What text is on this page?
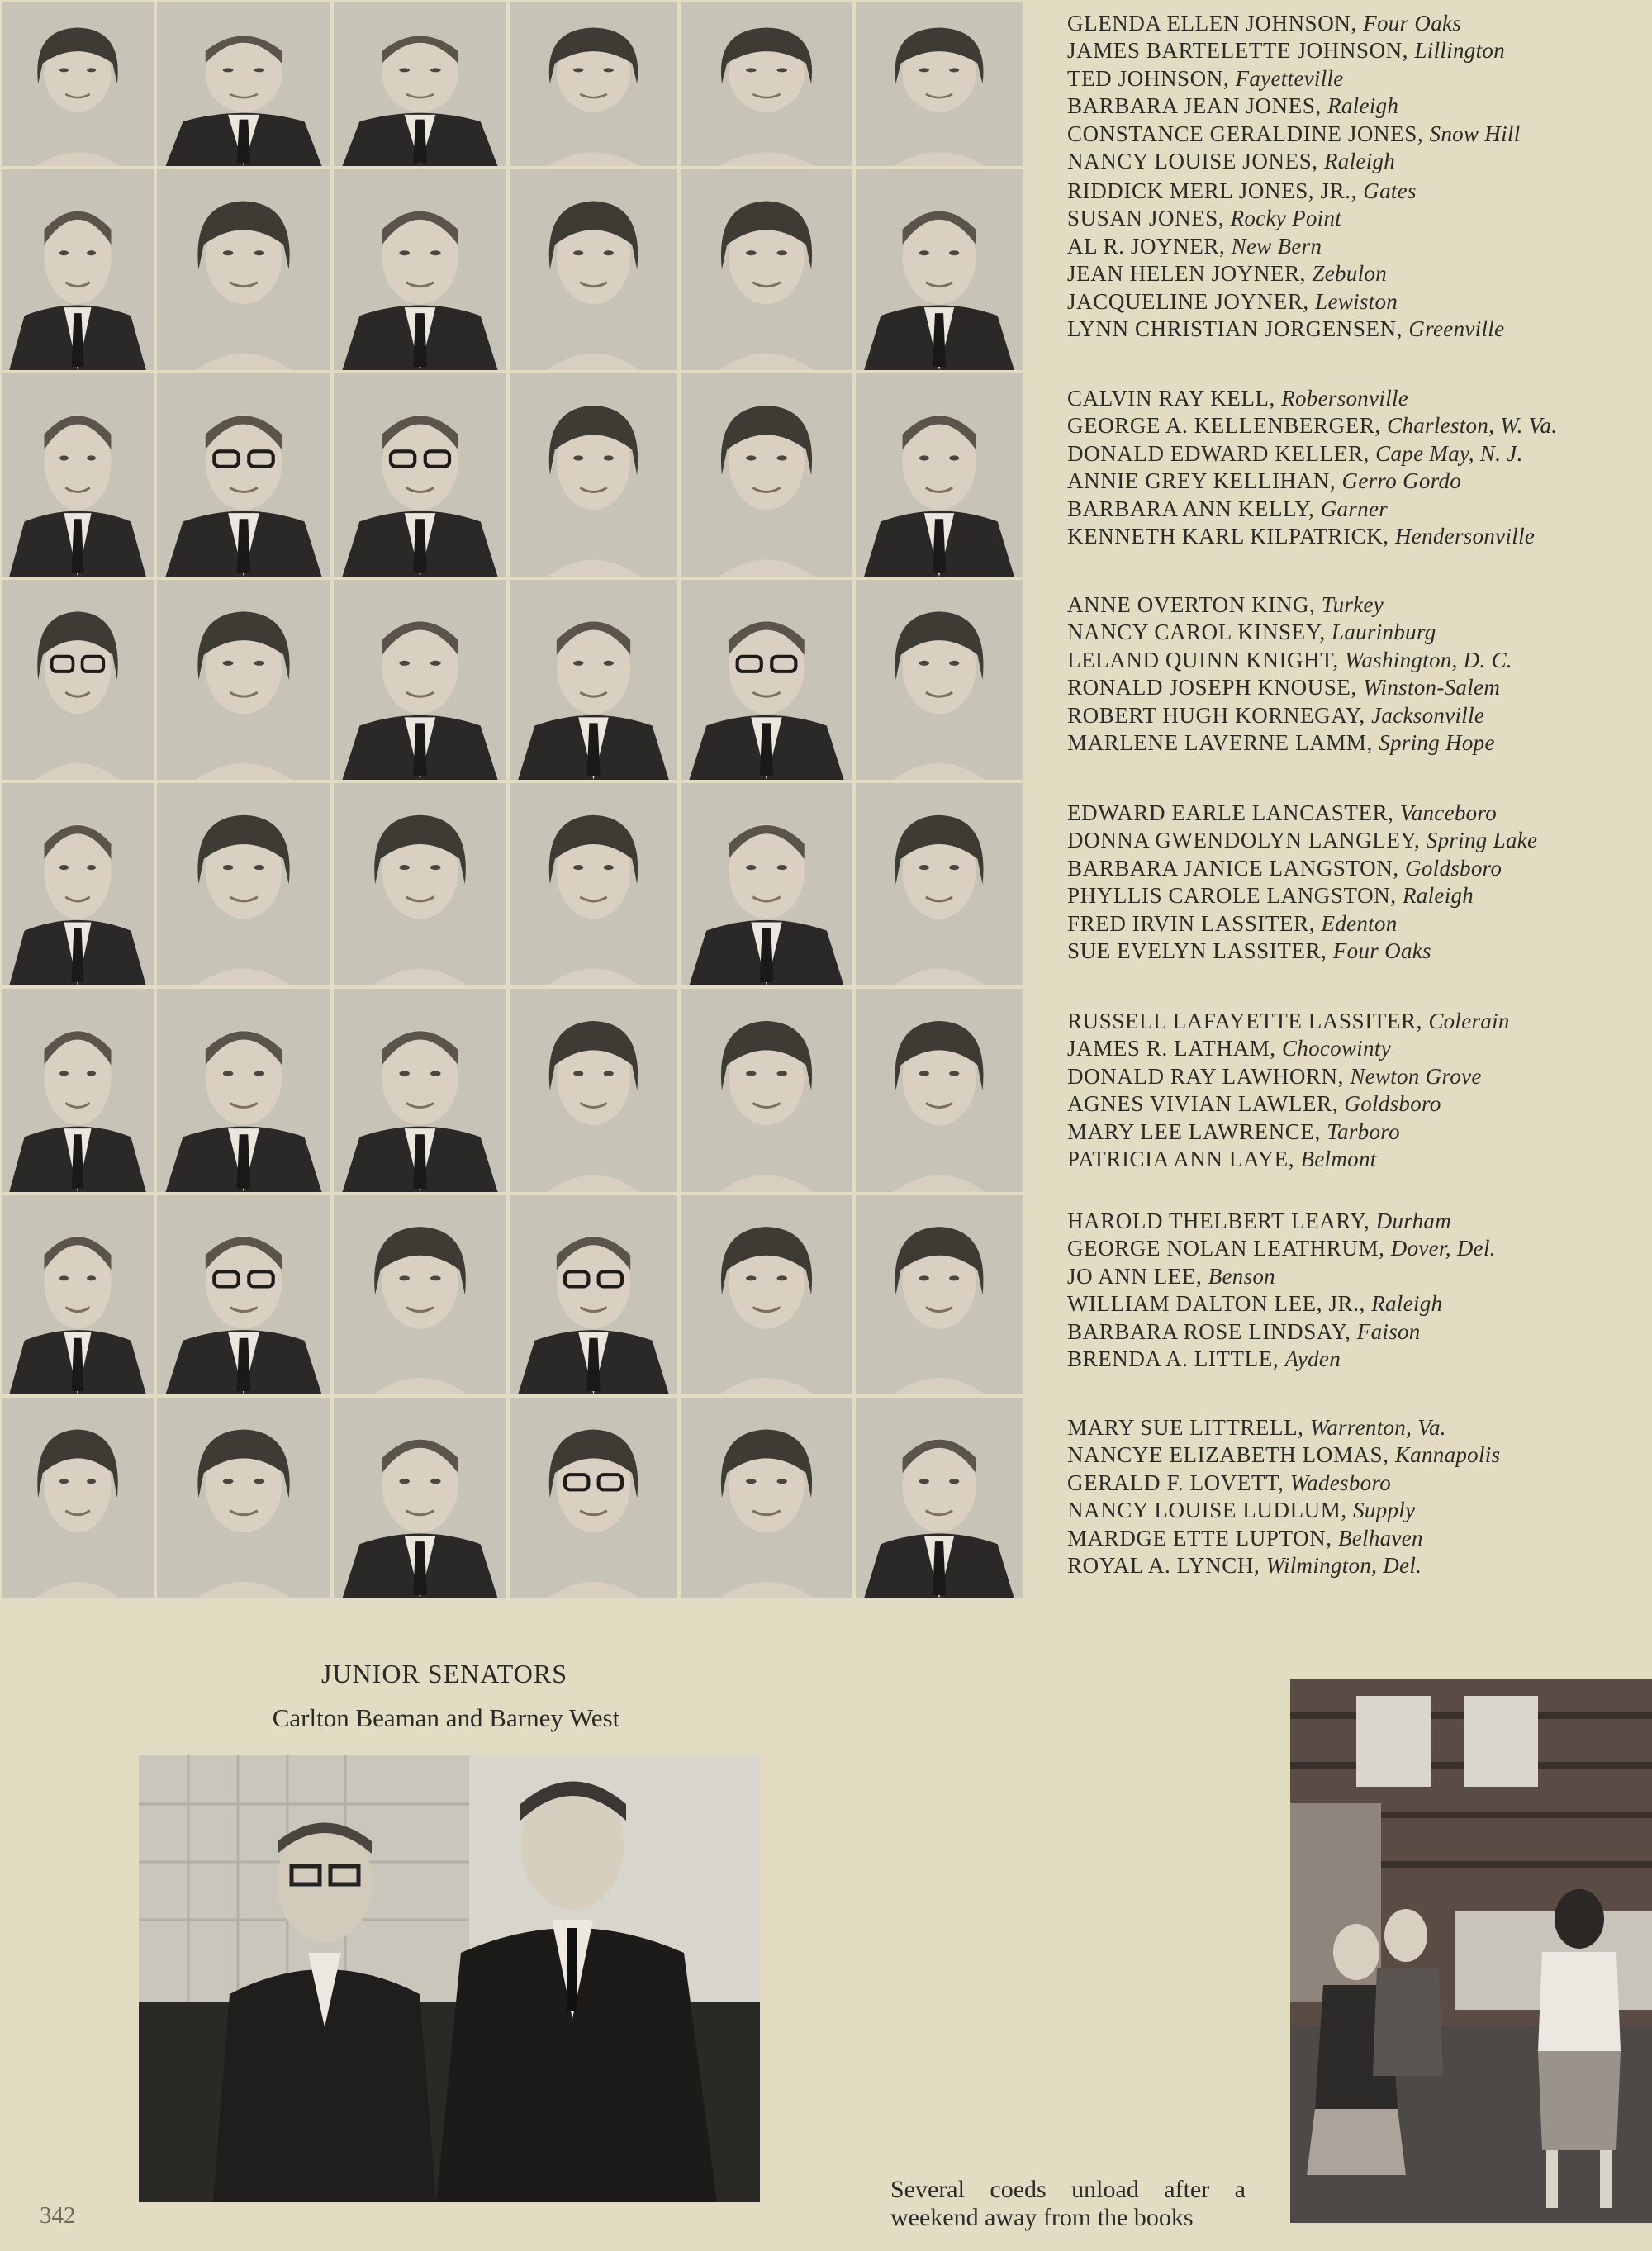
GLENDA ELLEN JOHNSON, Four Oaks
JAMES BARTELETTE JOHNSON, Lillington
TED JOHNSON, Fayetteville
BARBARA JEAN JONES, Raleigh
CONSTANCE GERALDINE JONES, Snow Hill
NANCY LOUISE JONES, Raleigh
RIDDICK MERL JONES, JR., Gates
SUSAN JONES, Rocky Point
AL R. JOYNER, New Bern
JEAN HELEN JOYNER, Zebulon
JACQUELINE JOYNER, Lewiston
LYNN CHRISTIAN JORGENSEN, Greenville
CALVIN RAY KELL, Robersonville
GEORGE A. KELLENBERGER, Charleston, W. Va.
DONALD EDWARD KELLER, Cape May, N. J.
ANNIE GREY KELLIHAN, Gerro Gordo
BARBARA ANN KELLY, Garner
KENNETH KARL KILPATRICK, Hendersonville
ANNE OVERTON KING, Turkey
NANCY CAROL KINSEY, Laurinburg
LELAND QUINN KNIGHT, Washington, D. C.
RONALD JOSEPH KNOUSE, Winston-Salem
ROBERT HUGH KORNEGAY, Jacksonville
MARLENE LAVERNE LAMM, Spring Hope
EDWARD EARLE LANCASTER, Vanceboro
DONNA GWENDOLYN LANGLEY, Spring Lake
BARBARA JANICE LANGSTON, Goldsboro
PHYLLIS CAROLE LANGSTON, Raleigh
FRED IRVIN LASSITER, Edenton
SUE EVELYN LASSITER, Four Oaks
RUSSELL LAFAYETTE LASSITER, Colerain
JAMES R. LATHAM, Chocowinty
DONALD RAY LAWHORN, Newton Grove
AGNES VIVIAN LAWLER, Goldsboro
MARY LEE LAWRENCE, Tarboro
PATRICIA ANN LAYE, Belmont
HAROLD THELBERT LEARY, Durham
GEORGE NOLAN LEATHRUM, Dover, Del.
JO ANN LEE, Benson
WILLIAM DALTON LEE, JR., Raleigh
BARBARA ROSE LINDSAY, Faison
BRENDA A. LITTLE, Ayden
MARY SUE LITTRELL, Warrenton, Va.
NANCYE ELIZABETH LOMAS, Kannapolis
GERALD F. LOVETT, Wadesboro
NANCY LOUISE LUDLUM, Supply
MARDGE ETTE LUPTON, Belhaven
ROYAL A. LYNCH, Wilmington, Del.
JUNIOR SENATORS
Carlton Beaman and Barney West
Several coeds unload after a weekend away from the books
342
